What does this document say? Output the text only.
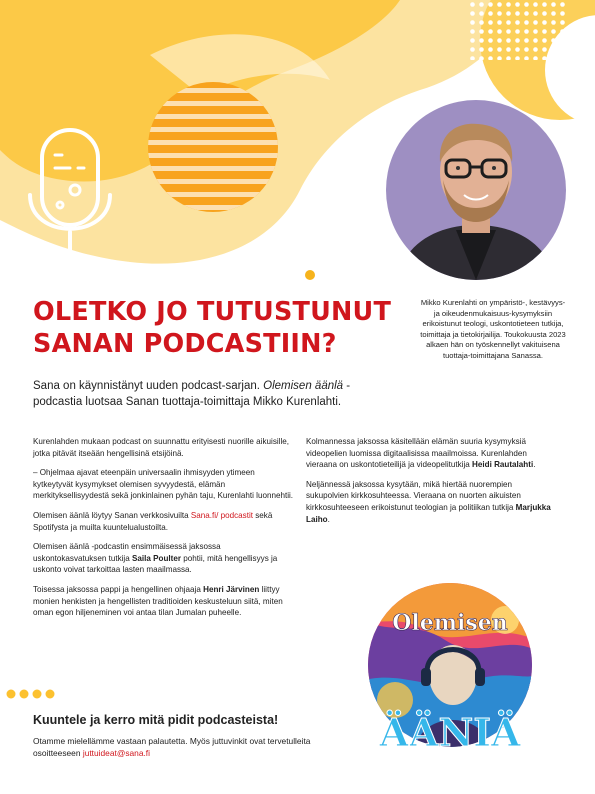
OLETKO JO TUTUSTUNUT
SANAN PODCASTIIN?
Mikko Kurenlahti on ympäristö-, kestävyys- ja oikeudenmukaisuus-kysymyksiin erikoistunut teologi, uskontotieteen tutkija, toimittaja ja tietokirjailija. Toukokuusta 2023 alkaen hän on työskennellyt vakituisena tuottaja-toimittajana Sanassa.
Sana on käynnistänyt uuden podcast-sarjan. Olemisen äänlä -podcastia luotsaa Sanan tuottaja-toimittaja Mikko Kurenlahti.

Kurenlahden mukaan podcast on suunnattu erityisesti nuorille aikuisille, jotka pitävät itseään hengellisinä etsijöinä.

– Ohjelmaa ajavat eteenpäin universaalin ihmisyyden ytimeen kytkeytyvät kysymykset olemisen syvyydestä, elämän merkityksellisyydestä sekä jonkinlainen pyhän taju, Kurenlahti luonnehtii.

Olemisen äänlä löytyy Sanan verkkosivuilta Sana.fi/ podcastit sekä Spotifysta ja muilta kuuntelualustoilta.

Olemisen äänlä -podcastin ensimmäisessä jaksossa uskontokasvatuksen tutkija Saila Poulter pohtii, mitä hengellisyys ja uskonto voivat tarkoittaa lasten maailmassa.

Toisessa jaksossa pappi ja hengellinen ohjaaja Henri Järvinen liittyy monien henkisten ja hengellisten traditioiden keskusteluun siitä, miten oman egon hiljeneminen voi antaa tilan Jumalan puheelle.

Kolmannessa jaksossa käsitellään elämän suuria kysymyksiä videopelien luomissa digitaalisissa maailmoissa. Kurenlahden vieraana on uskontotieteilijä ja videopelitutkija Heidi Rautalahti.

Neljännessä jaksossa kysytään, mikä hiertää nuorempien sukupolvien kirkkosuhteessa. Vieraana on nuorten aikuisten kirkkosuhteeseen erikoistunut teologian ja politiikan tutkija Marjukka Laiho.

Kuuntele ja kerro mitä pidit podcasteista!
Otamme mielellämme vastaan palautetta. Myös juttuvinkit ovat tervetulleita osoitteeseen juttuideat@sana.fi
Olemisen
ÄÄNIÄ
